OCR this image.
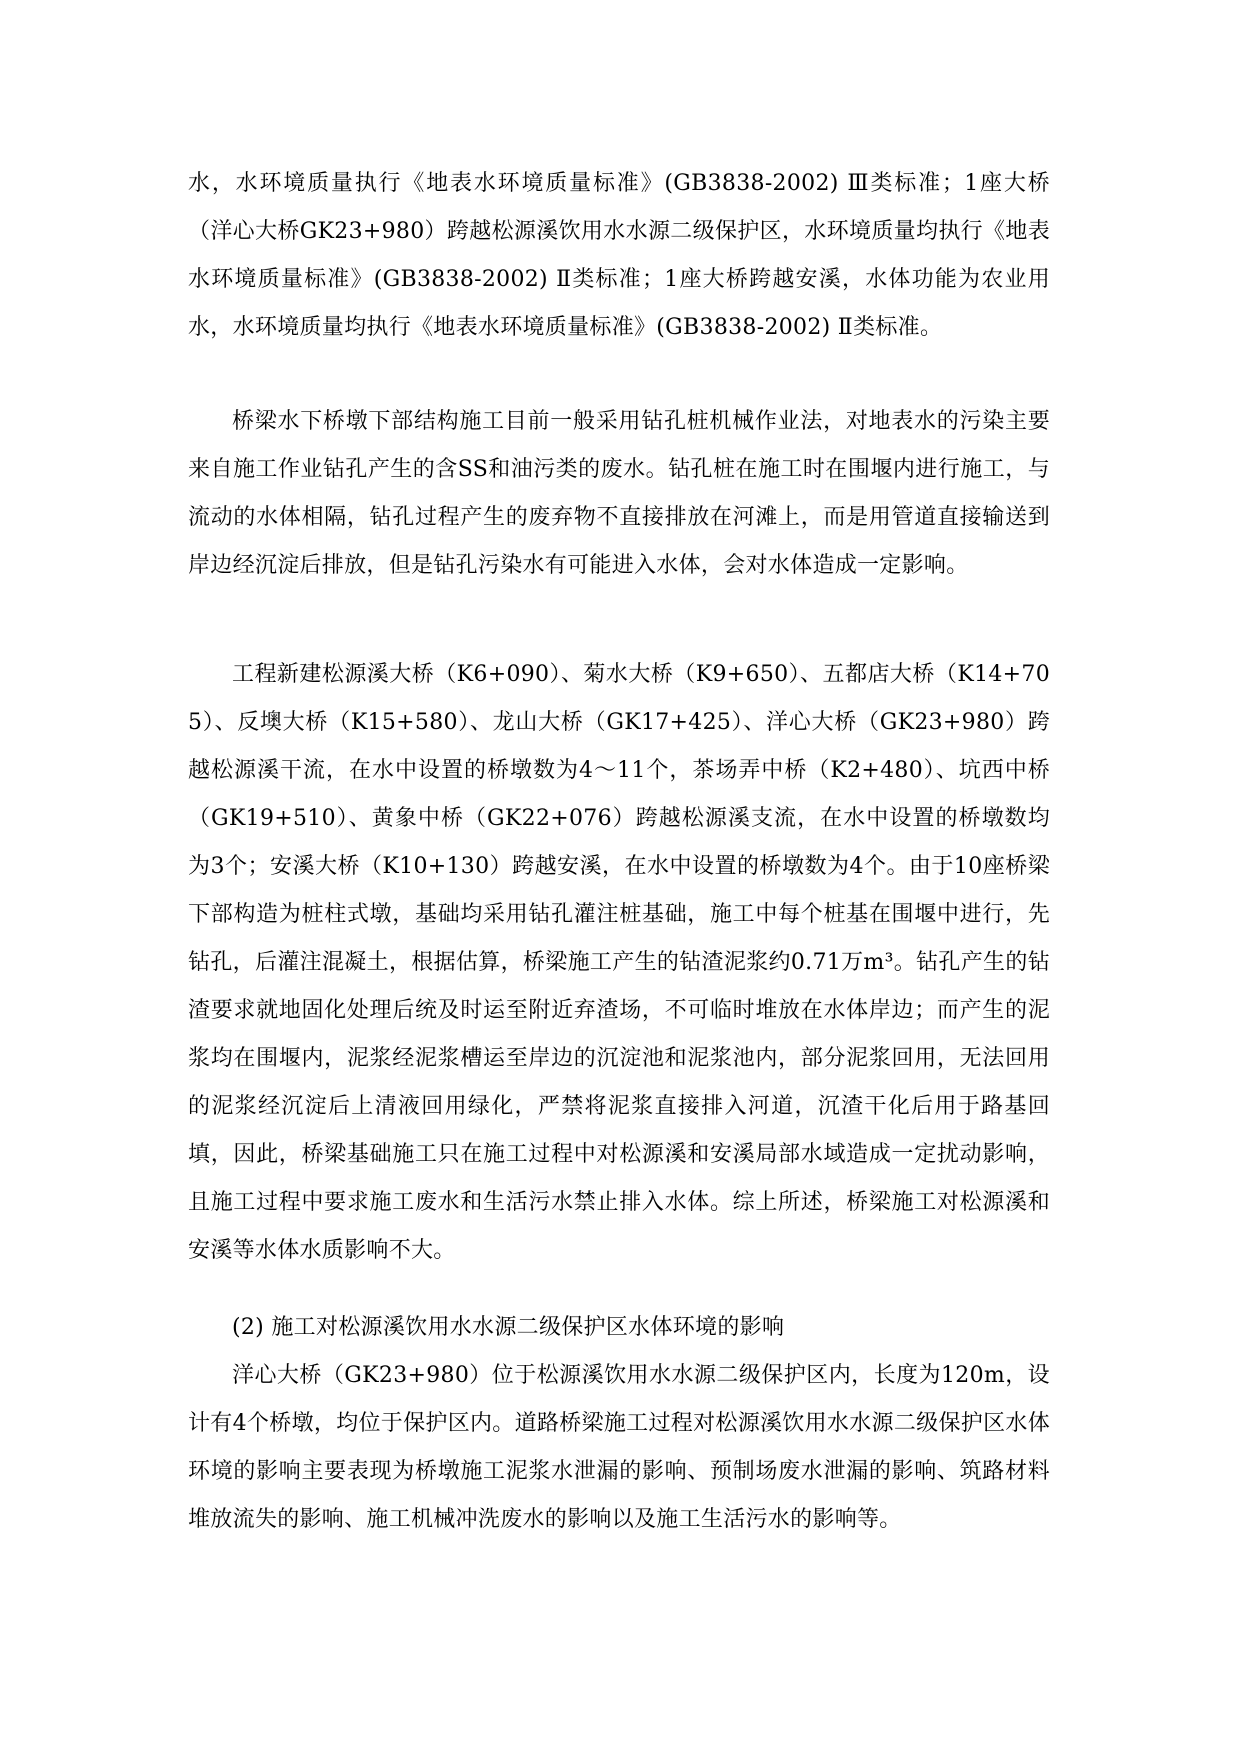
水，水环境质量执行《地表水环境质量标准》(GB3838-2002) Ⅲ类标准；1座大桥（洋心大桥GK23+980）跨越松源溪饮用水水源二级保护区，水环境质量均执行《地表水环境质量标准》(GB3838-2002) Ⅱ类标准；1座大桥跨越安溪，水体功能为农业用水，水环境质量均执行《地表水环境质量标准》(GB3838-2002) Ⅱ类标准。

桥梁水下桥墩下部结构施工目前一般采用钻孔桩机械作业法，对地表水的污染主要来自施工作业钻孔产生的含SS和油污类的废水。钻孔桩在施工时在围堰内进行施工，与流动的水体相隔，钻孔过程产生的废弃物不直接排放在河滩上，而是用管道直接输送到岸边经沉淀后排放，但是钻孔污染水有可能进入水体，会对水体造成一定影响。

工程新建松源溪大桥（K6+090）、菊水大桥（K9+650）、五都店大桥（K14+705）、反墺大桥（K15+580）、龙山大桥（GK17+425）、洋心大桥（GK23+980）跨越松源溪干流，在水中设置的桥墩数为4～11个，茶场弄中桥（K2+480）、坑西中桥（GK19+510）、黄象中桥（GK22+076）跨越松源溪支流，在水中设置的桥墩数均为3个；安溪大桥（K10+130）跨越安溪，在水中设置的桥墩数为4个。由于10座桥梁下部构造为桩柱式墩，基础均采用钻孔灌注桩基础，施工中每个桩基在围堰中进行，先钻孔，后灌注混凝土，根据估算，桥梁施工产生的钻渣泥浆约0.71万m³。钻孔产生的钻渣要求就地固化处理后统及时运至附近弃渣场，不可临时堆放在水体岸边；而产生的泥浆均在围堰内，泥浆经泥浆槽运至岸边的沉淀池和泥浆池内，部分泥浆回用，无法回用的泥浆经沉淀后上清液回用绿化，严禁将泥浆直接排入河道，沉渣干化后用于路基回填，因此，桥梁基础施工只在施工过程中对松源溪和安溪局部水域造成一定扰动影响，且施工过程中要求施工废水和生活污水禁止排入水体。综上所述，桥梁施工对松源溪和安溪等水体水质影响不大。

(2) 施工对松源溪饮用水水源二级保护区水体环境的影响

洋心大桥（GK23+980）位于松源溪饮用水水源二级保护区内，长度为120m，设计有4个桥墩，均位于保护区内。道路桥梁施工过程对松源溪饮用水水源二级保护区水体环境的影响主要表现为桥墩施工泥浆水泄漏的影响、预制场废水泄漏的影响、筑路材料堆放流失的影响、施工机械冲洗废水的影响以及施工生活污水的影响等。
